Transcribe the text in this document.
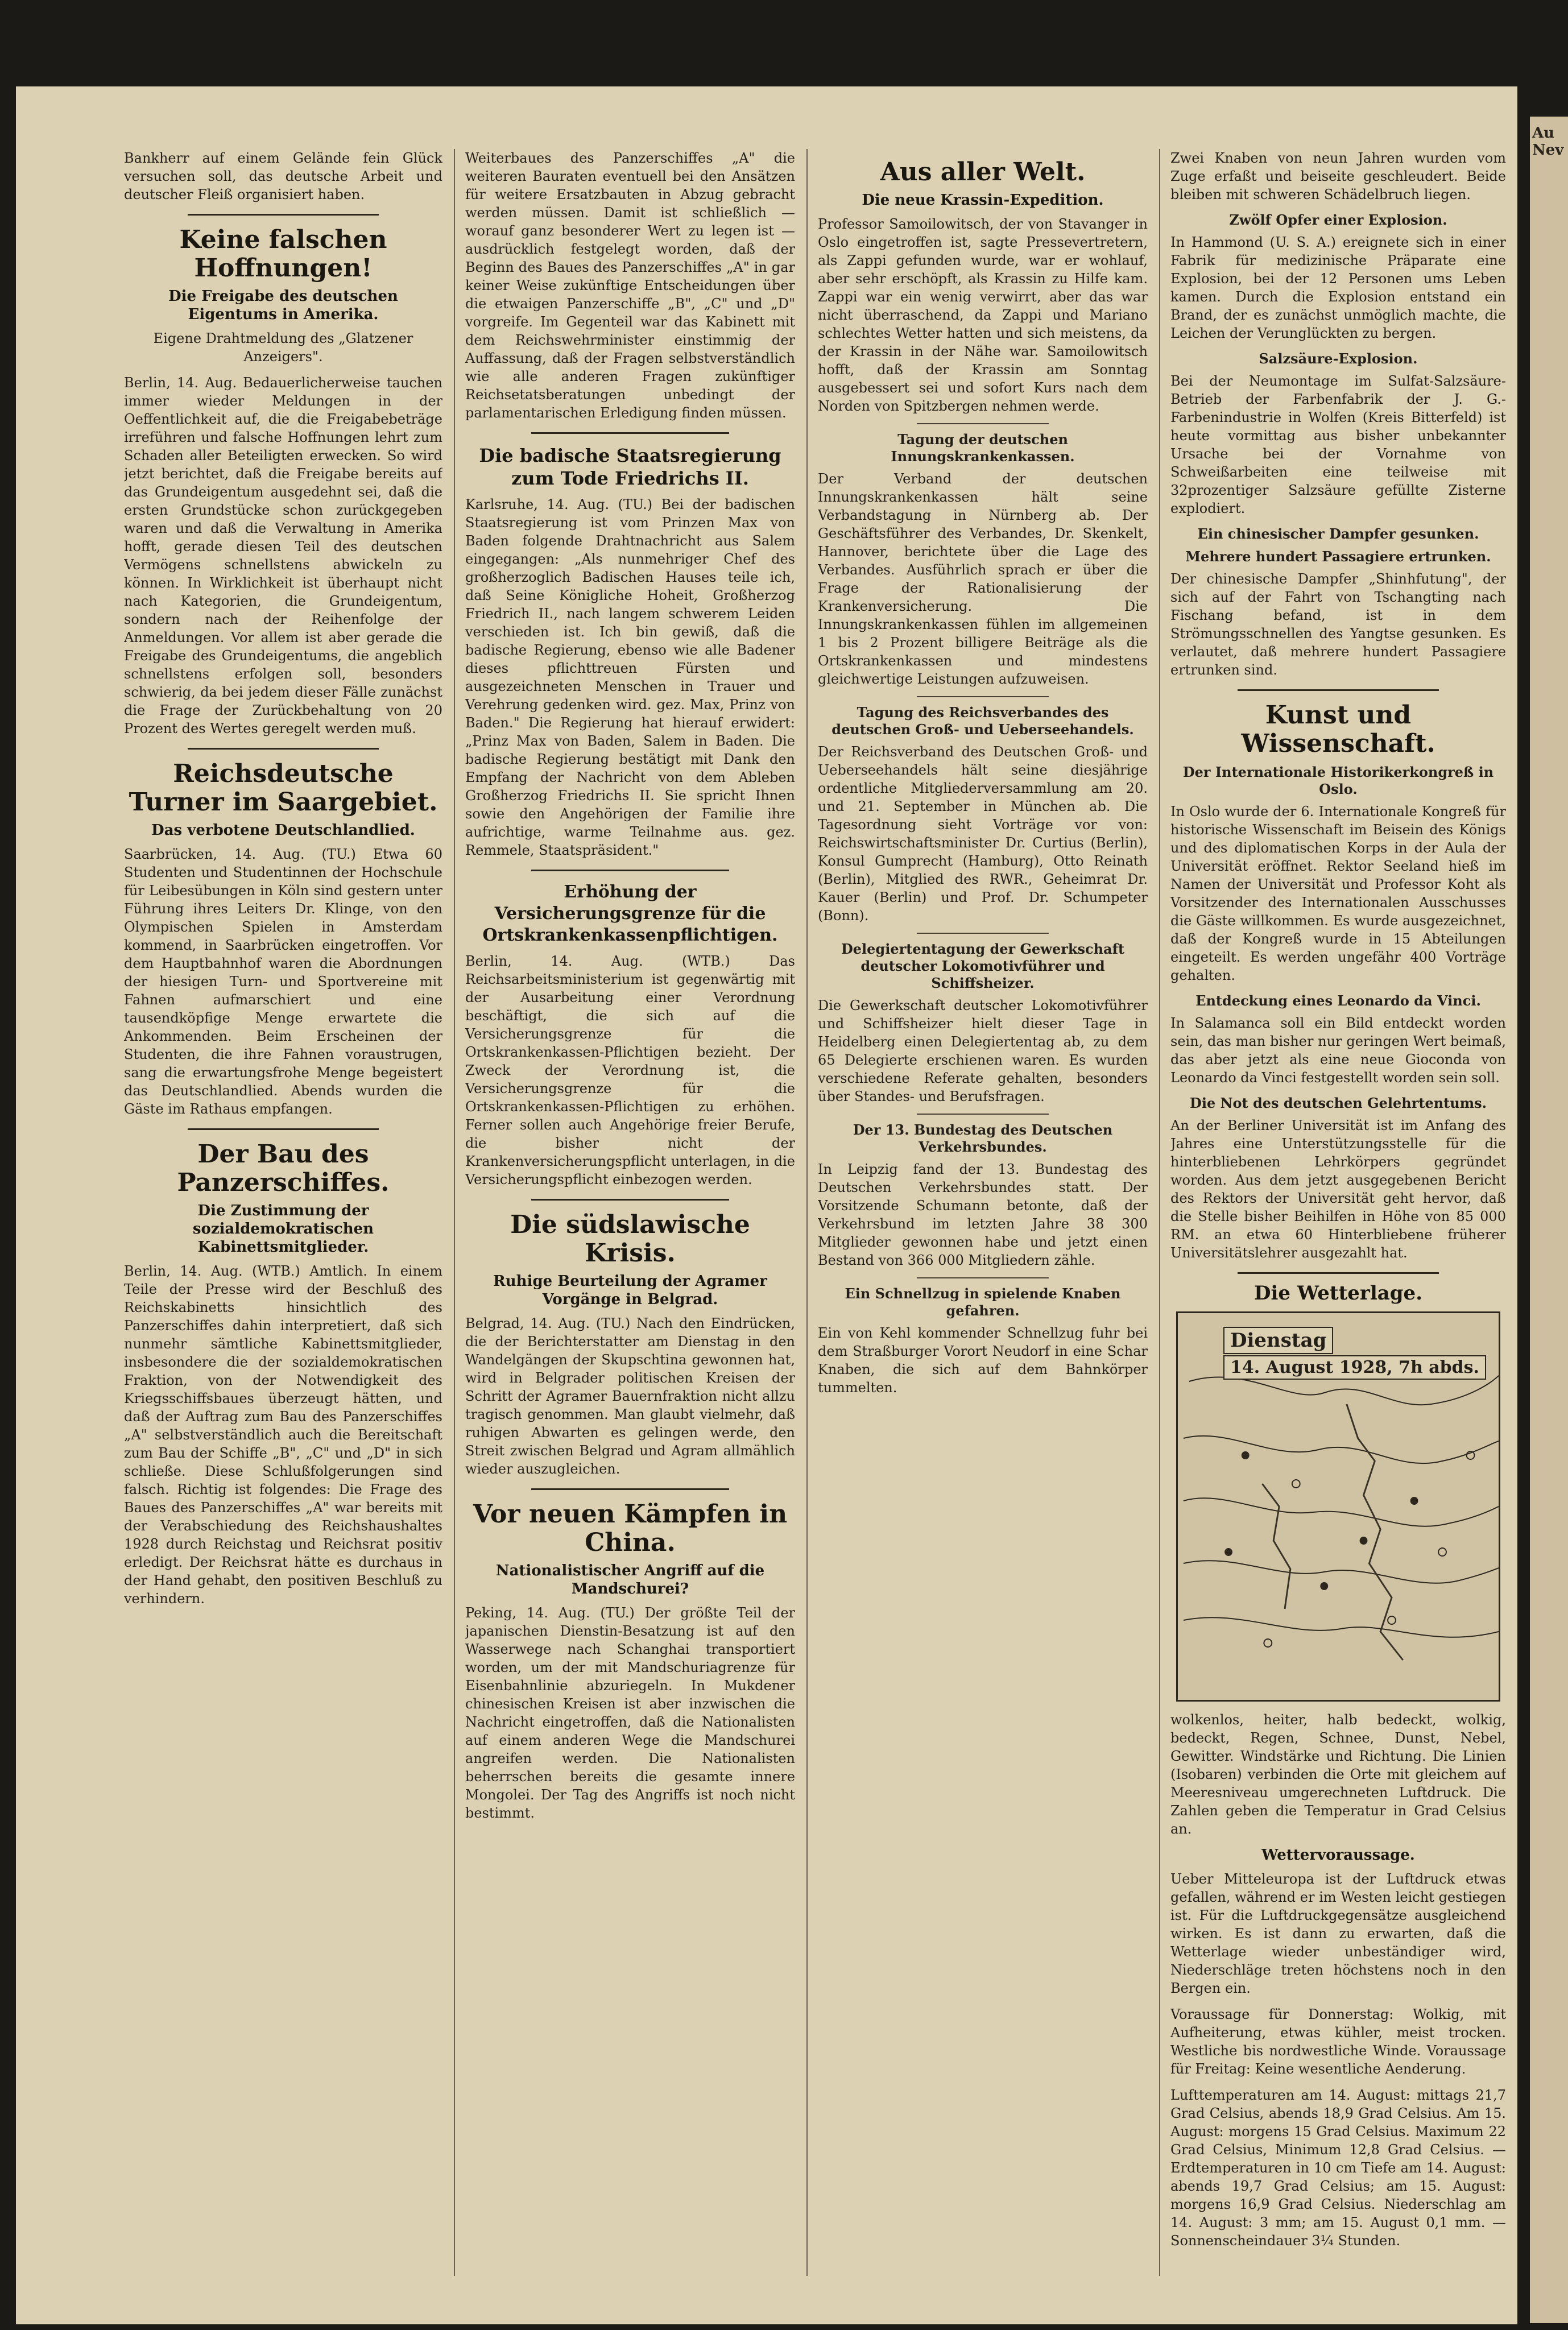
Bankherr auf einem Gelände fein Glück versuchen soll, das deutsche Arbeit und deutscher Fleiß organisiert haben.

Keine falschen Hoffnungen!
Die Freigabe des deutschen Eigentums in Amerika.

Eigene Drahtmeldung des „Glatzener Anzeigers".

Berlin, 14. Aug. Bedauerlicherweise tauchen immer wieder Meldungen in der Oeffentlichkeit auf, die die Freigabebeträge irreführen und falsche Hoffnungen lehrt zum Schaden aller Beteiligten erwecken. So wird jetzt berichtet, daß die Freigabe bereits auf das Grundeigentum ausgedehnt sei, daß die ersten Grundstücke schon zurückgegeben waren und daß die Verwaltung in Amerika hofft, gerade diesen Teil des deutschen Vermögens schnellstens abwickeln zu können. In Wirklichkeit ist überhaupt nicht nach Kategorien, die Grundeigentum, sondern nach der Reihenfolge der Anmeldungen. Vor allem ist aber gerade die Freigabe des Grundeigentums, die angeblich schnellstens erfolgen soll, besonders schwierig, da bei jedem dieser Fälle zunächst die Frage der Zurückbehaltung von 20 Prozent des Wertes geregelt werden muß.

Reichsdeutsche Turner im Saargebiet.
Das verbotene Deutschlandlied.

Saarbrücken, 14. Aug. (TU.) Etwa 60 Studenten und Studentinnen der Hochschule für Leibesübungen in Köln sind gestern unter Führung ihres Leiters Dr. Klinge, von den Olympischen Spielen in Amsterdam kommend, in Saarbrücken eingetroffen. Vor dem Hauptbahnhof waren die Abordnungen der hiesigen Turn- und Sportvereine mit Fahnen aufmarschiert und eine tausendköpfige Menge erwartete die Ankommenden. Beim Erscheinen der Studenten, die ihre Fahnen voraustrugen, sang die erwartungsfrohe Menge begeistert das Deutschlandlied. Abends wurden die Gäste im Rathaus empfangen.

Der Bau des Panzerschiffes.
Die Zustimmung der sozialdemokratischen Kabinettsmitglieder.

Berlin, 14. Aug. (WTB.) Amtlich. In einem Teile der Presse wird der Beschluß des Reichskabinetts hinsichtlich des Panzerschiffes dahin interpretiert, daß sich nunmehr sämtliche Kabinettsmitglieder, insbesondere die der sozialdemokratischen Fraktion, von der Notwendigkeit des Kriegsschiffsbaues überzeugt hätten, und daß der Auftrag zum Bau des Panzerschiffes „A" selbstverständlich auch die Bereitschaft zum Bau der Schiffe „B", „C" und „D" in sich schließe. Diese Schlußfolgerungen sind falsch. Richtig ist folgendes: Die Frage des Baues des Panzerschiffes „A" war bereits mit der Verabschiedung des Reichshaushaltes 1928 durch Reichstag und Reichsrat positiv erledigt. Der Reichsrat hätte es durchaus in der Hand gehabt, den positiven Beschluß zu verhindern.

Weiterbaues des Panzerschiffes „A" die weiteren Bauraten eventuell bei den Ansätzen für weitere Ersatzbauten in Abzug gebracht werden müssen. Damit ist schließlich — worauf ganz besonderer Wert zu legen ist — ausdrücklich festgelegt worden, daß der Beginn des Baues des Panzerschiffes „A" in gar keiner Weise zukünftige Entscheidungen über die etwaigen Panzerschiffe „B", „C" und „D" vorgreife. Im Gegenteil war das Kabinett mit dem Reichswehrminister einstimmig der Auffassung, daß der Fragen selbstverständlich wie alle anderen Fragen zukünftiger Reichsetatsberatungen unbedingt der parlamentarischen Erledigung finden müssen.

Die badische Staatsregierung zum Tode Friedrichs II.

Karlsruhe, 14. Aug. (TU.) Bei der badischen Staatsregierung ist vom Prinzen Max von Baden folgende Drahtnachricht aus Salem eingegangen: „Als nunmehriger Chef des großherzoglich Badischen Hauses teile ich, daß Seine Königliche Hoheit, Großherzog Friedrich II., nach langem schwerem Leiden verschieden ist. Ich bin gewiß, daß die badische Regierung, ebenso wie alle Badener dieses pflichttreuen Fürsten und ausgezeichneten Menschen in Trauer und Verehrung gedenken wird. gez. Max, Prinz von Baden." Die Regierung hat hierauf erwidert: „Prinz Max von Baden, Salem in Baden. Die badische Regierung bestätigt mit Dank den Empfang der Nachricht von dem Ableben Großherzog Friedrichs II. Sie spricht Ihnen sowie den Angehörigen der Familie ihre aufrichtige, warme Teilnahme aus. gez. Remmele, Staatspräsident."

Erhöhung der Versicherungsgrenze für die Ortskrankenkassenpflichtigen.

Berlin, 14. Aug. (WTB.) Das Reichsarbeitsministerium ist gegenwärtig mit der Ausarbeitung einer Verordnung beschäftigt, die sich auf die Versicherungsgrenze für die Ortskrankenkassen-Pflichtigen bezieht. Der Zweck der Verordnung ist, die Versicherungsgrenze für die Ortskrankenkassen-Pflichtigen zu erhöhen. Ferner sollen auch Angehörige freier Berufe, die bisher nicht der Krankenversicherungspflicht unterlagen, in die Versicherungspflicht einbezogen werden.

Die südslawische Krisis.
Ruhige Beurteilung der Agramer Vorgänge in Belgrad.

Belgrad, 14. Aug. (TU.) Nach den Eindrücken, die der Berichterstatter am Dienstag in den Wandelgängen der Skupschtina gewonnen hat, wird in Belgrader politischen Kreisen der Schritt der Agramer Bauernfraktion nicht allzu tragisch genommen. Man glaubt vielmehr, daß ruhigen Abwarten es gelingen werde, den Streit zwischen Belgrad und Agram allmählich wieder auszugleichen.

Vor neuen Kämpfen in China.
Nationalistischer Angriff auf die Mandschurei?

Peking, 14. Aug. (TU.) Der größte Teil der japanischen Dienstin-Besatzung ist auf den Wasserwege nach Schanghai transportiert worden, um der mit Mandschuriagrenze für Eisenbahnlinie abzuriegeln. In Mukdener chinesischen Kreisen ist aber inzwischen die Nachricht eingetroffen, daß die Nationalisten auf einem anderen Wege die Mandschurei angreifen werden. Die Nationalisten beherrschen bereits die gesamte innere Mongolei. Der Tag des Angriffs ist noch nicht bestimmt.

Aus aller Welt.
Die neue Krassin-Expedition.

Professor Samoilowitsch, der von Stavanger in Oslo eingetroffen ist, sagte Pressevertretern, als Zappi gefunden wurde, war er wohlauf, aber sehr erschöpft, als Krassin zu Hilfe kam. Zappi war ein wenig verwirrt, aber das war nicht überraschend, da Zappi und Mariano schlechtes Wetter hatten und sich meistens, da der Krassin in der Nähe war. Samoilowitsch hofft, daß der Krassin am Sonntag ausgebessert sei und sofort Kurs nach dem Norden von Spitzbergen nehmen werde.

Tagung der deutschen Innungskrankenkassen.

Der Verband der deutschen Innungskrankenkassen hält seine Verbandstagung in Nürnberg ab. Der Geschäftsführer des Verbandes, Dr. Skenkelt, Hannover, berichtete über die Lage des Verbandes. Ausführlich sprach er über die Frage der Rationalisierung der Krankenversicherung. Die Innungskrankenkassen fühlen im allgemeinen 1 bis 2 Prozent billigere Beiträge als die Ortskrankenkassen und mindestens gleichwertige Leistungen aufzuweisen.

Tagung des Reichsverbandes des deutschen Groß- und Ueberseehandels.

Der Reichsverband des Deutschen Groß- und Ueberseehandels hält seine diesjährige ordentliche Mitgliederversammlung am 20. und 21. September in München ab. Die Tagesordnung sieht Vorträge vor von: Reichswirtschaftsminister Dr. Curtius (Berlin), Konsul Gumprecht (Hamburg), Otto Reinath (Berlin), Mitglied des RWR., Geheimrat Dr. Kauer (Berlin) und Prof. Dr. Schumpeter (Bonn).

Delegiertentagung der Gewerkschaft deutscher Lokomotivführer und Schiffsheizer.

Die Gewerkschaft deutscher Lokomotivführer und Schiffsheizer hielt dieser Tage in Heidelberg einen Delegiertentag ab, zu dem 65 Delegierte erschienen waren. Es wurden verschiedene Referate gehalten, besonders über Standes- und Berufsfragen.

Der 13. Bundestag des Deutschen Verkehrsbundes.

In Leipzig fand der 13. Bundestag des Deutschen Verkehrsbundes statt. Der Vorsitzende Schumann betonte, daß der Verkehrsbund im letzten Jahre 38 300 Mitglieder gewonnen habe und jetzt einen Bestand von 366 000 Mitgliedern zähle.

Ein Schnellzug in spielende Knaben gefahren.

Ein von Kehl kommender Schnellzug fuhr bei dem Straßburger Vorort Neudorf in eine Schar Knaben, die sich auf dem Bahnkörper tummelten.

Zwei Knaben von neun Jahren wurden vom Zuge erfaßt und beiseite geschleudert. Beide bleiben mit schweren Schädelbruch liegen.

Zwölf Opfer einer Explosion.

In Hammond (U. S. A.) ereignete sich in einer Fabrik für medizinische Präparate eine Explosion, bei der 12 Personen ums Leben kamen. Durch die Explosion entstand ein Brand, der es zunächst unmöglich machte, die Leichen der Verunglückten zu bergen.

Salzsäure-Explosion.

Bei der Neumontage im Sulfat-Salzsäure-Betrieb der Farbenfabrik der J. G.-Farbenindustrie in Wolfen (Kreis Bitterfeld) ist heute vormittag aus bisher unbekannter Ursache bei der Vornahme von Schweißarbeiten eine teilweise mit 32prozentiger Salzsäure gefüllte Zisterne explodiert.

Ein chinesischer Dampfer gesunken.
Mehrere hundert Passagiere ertrunken.

Der chinesische Dampfer „Shinhfutung", der sich auf der Fahrt von Tschangting nach Fischang befand, ist in dem Strömungsschnellen des Yangtse gesunken. Es verlautet, daß mehrere hundert Passagiere ertrunken sind.

Kunst und Wissenschaft.
Der Internationale Historikerkongreß in Oslo.

In Oslo wurde der 6. Internationale Kongreß für historische Wissenschaft im Beisein des Königs und des diplomatischen Korps in der Aula der Universität eröffnet. Rektor Seeland hieß im Namen der Universität und Professor Koht als Vorsitzender des Internationalen Ausschusses die Gäste willkommen. Es wurde ausgezeichnet, daß der Kongreß wurde in 15 Abteilungen eingeteilt. Es werden ungefähr 400 Vorträge gehalten.

Entdeckung eines Leonardo da Vinci.

In Salamanca soll ein Bild entdeckt worden sein, das man bisher nur geringen Wert beimaß, das aber jetzt als eine neue Gioconda von Leonardo da Vinci festgestellt worden sein soll.

Die Not des deutschen Gelehrtentums.

An der Berliner Universität ist im Anfang des Jahres eine Unterstützungsstelle für die hinterbliebenen Lehrkörpers gegründet worden. Aus dem jetzt ausgegebenen Bericht des Rektors der Universität geht hervor, daß die Stelle bisher Beihilfen in Höhe von 85 000 RM. an etwa 60 Hinterbliebene früherer Universitätslehrer ausgezahlt hat.

Die Wetterlage.
Dienstag
14. August 1928, 7h abds.

wolkenlos, heiter, halb bedeckt, wolkig, bedeckt, Regen, Schnee, Dunst, Nebel, Gewitter. Windstärke und Richtung. Die Linien (Isobaren) verbinden die Orte mit gleichem auf Meeresniveau umgerechneten Luftdruck. Die Zahlen geben die Temperatur in Grad Celsius an.

Wettervoraussage.

Ueber Mitteleuropa ist der Luftdruck etwas gefallen, während er im Westen leicht gestiegen ist. Für die Luftdruckgegensätze ausgleichend wirken. Es ist dann zu erwarten, daß die Wetterlage wieder unbeständiger wird, Niederschläge treten höchstens noch in den Bergen ein.

Voraussage für Donnerstag: Wolkig, mit Aufheiterung, etwas kühler, meist trocken. Westliche bis nordwestliche Winde. Voraussage für Freitag: Keine wesentliche Aenderung.

Lufttemperaturen am 14. August: mittags 21,7 Grad Celsius, abends 18,9 Grad Celsius. Am 15. August: morgens 15 Grad Celsius. Maximum 22 Grad Celsius, Minimum 12,8 Grad Celsius. — Erdtemperaturen in 10 cm Tiefe am 14. August: abends 19,7 Grad Celsius; am 15. August: morgens 16,9 Grad Celsius. Niederschlag am 14. August: 3 mm; am 15. August 0,1 mm. — Sonnenscheindauer 3¼ Stunden.

Au Nev
